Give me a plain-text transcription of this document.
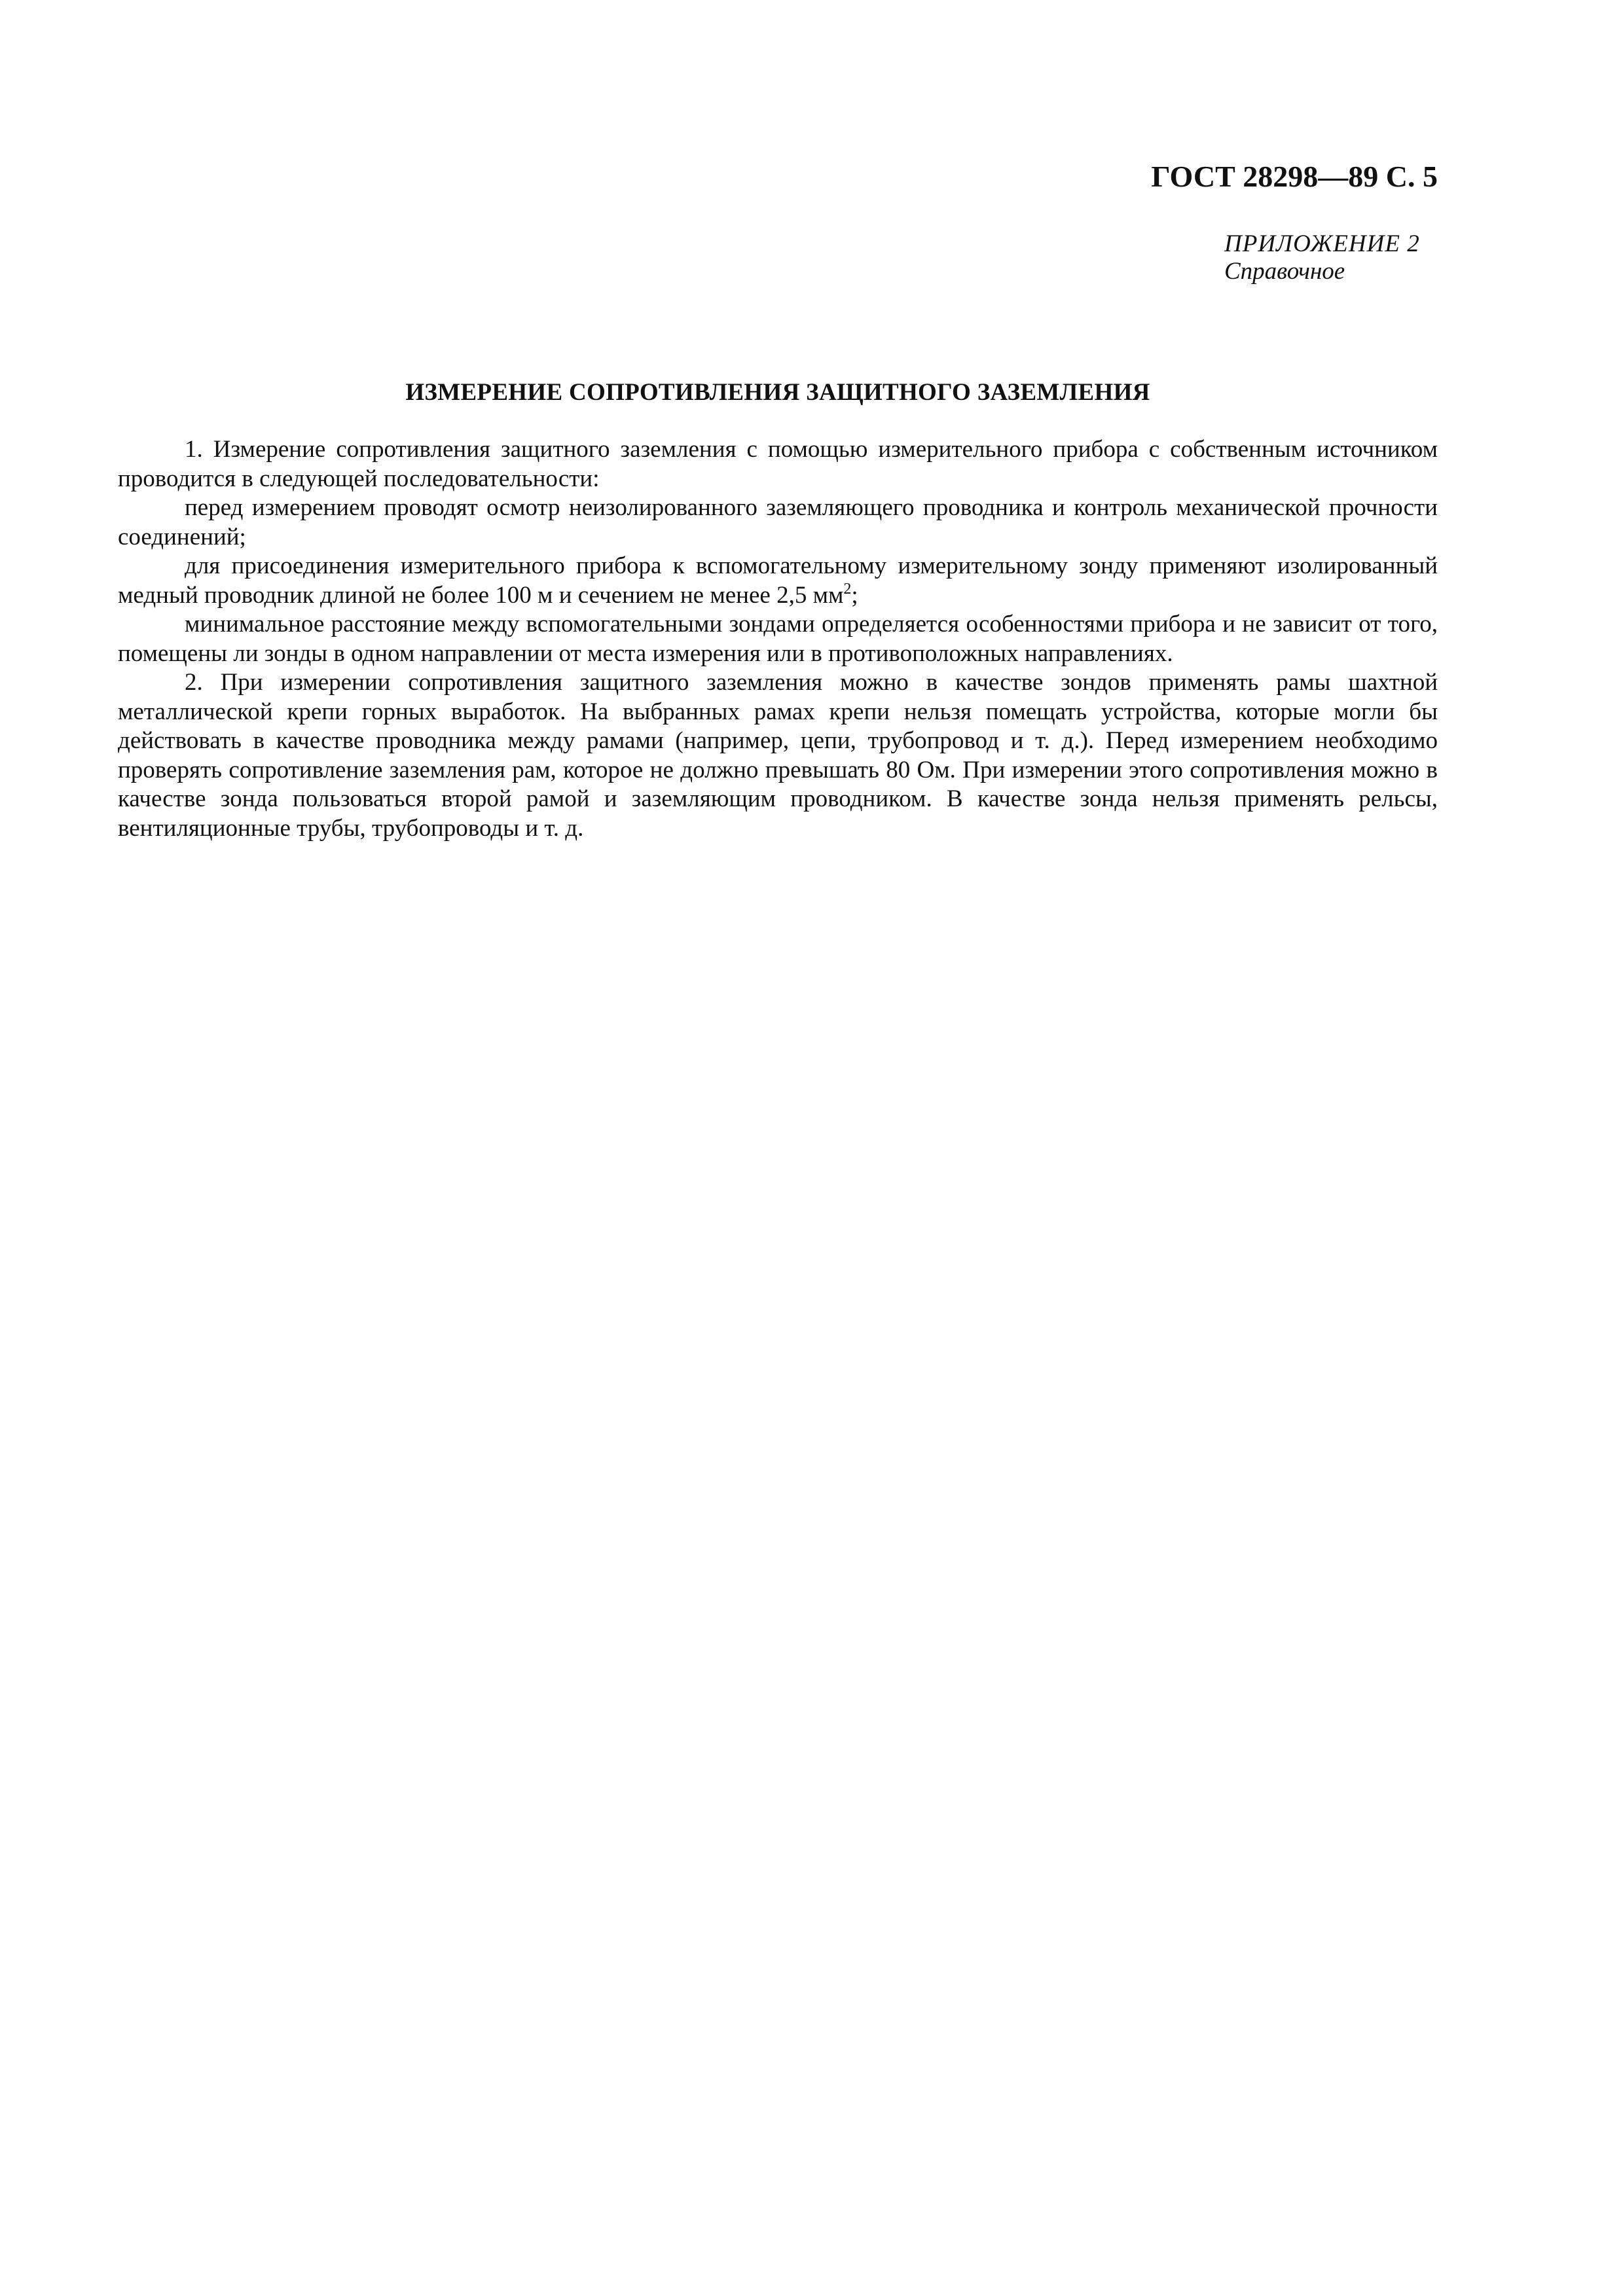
ГОСТ 28298—89 С. 5
ПРИЛОЖЕНИЕ 2
Справочное
ИЗМЕРЕНИЕ СОПРОТИВЛЕНИЯ ЗАЩИТНОГО ЗАЗЕМЛЕНИЯ

1. Измерение сопротивления защитного заземления с помощью измерительного прибора с собственным источником проводится в следующей последовательности:

перед измерением проводят осмотр неизолированного заземляющего проводника и контроль механической прочности соединений;

для присоединения измерительного прибора к вспомогательному измерительному зонду применяют изолированный медный проводник длиной не более 100 м и сечением не менее 2,5 $мм^2$;

минимальное расстояние между вспомогательными зондами определяется особенностями прибора и не зависит от того, помещены ли зонды в одном направлении от места измерения или в противоположных направлениях.

2. При измерении сопротивления защитного заземления можно в качестве зондов применять рамы шахтной металлической крепи горных выработок. На выбранных рамах крепи нельзя помещать устройства, которые могли бы действовать в качестве проводника между рамами (например, цепи, трубопровод и т. д.). Перед измерением необходимо проверять сопротивление заземления рам, которое не должно превышать 80 Ом. При измерении этого сопротивления можно в качестве зонда пользоваться второй рамой и заземляющим проводником. В качестве зонда нельзя применять рельсы, вентиляционные трубы, трубопроводы и т. д.
